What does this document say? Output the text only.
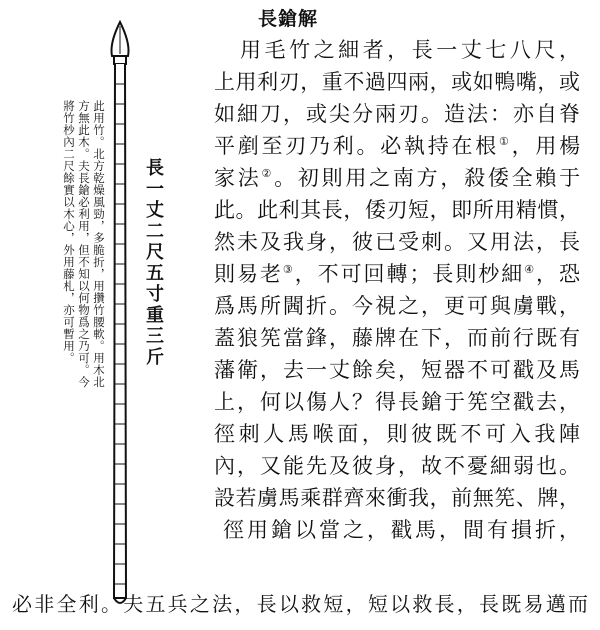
長鎗解
長一丈二尺五寸重三斤
此用竹。北方乾燥風勁，多脆折，用攢竹腰軟。用木北
方無此木。夫長鎗必利用，但不知以何物爲之乃可。今
將竹杪內二尺餘實以木心，外用藤札，亦可暫用。
用毛竹之細者，長一丈七八尺，
上用利刃，重不過四兩，或如鴨嘴，或
如細刀，或尖分兩刃。造法：亦自脊
平剷至刃乃利。必執持在根①，用楊
家法②。初則用之南方，殺倭全賴于
此。此利其長，倭刃短，即所用精慣，
然未及我身，彼已受刺。又用法，長
則易老③，不可回轉；長則杪細④，恐
爲馬所閪折。今視之，更可與虜戰，
蓋狼筅當鋒，藤牌在下，而前行既有
藩衛，去一丈餘矣，短器不可戳及馬
上，何以傷人？得長鎗于筅空戳去，
徑刺人馬喉面，則彼既不可入我陣
內，又能先及彼身，故不憂細弱也。
設若虜馬乘群齊來衝我，前無筅、牌，
徑用鎗以當之，戳馬，間有損折，
必非全利。夫五兵之法，長以救短，短以救長，長既易邁而
